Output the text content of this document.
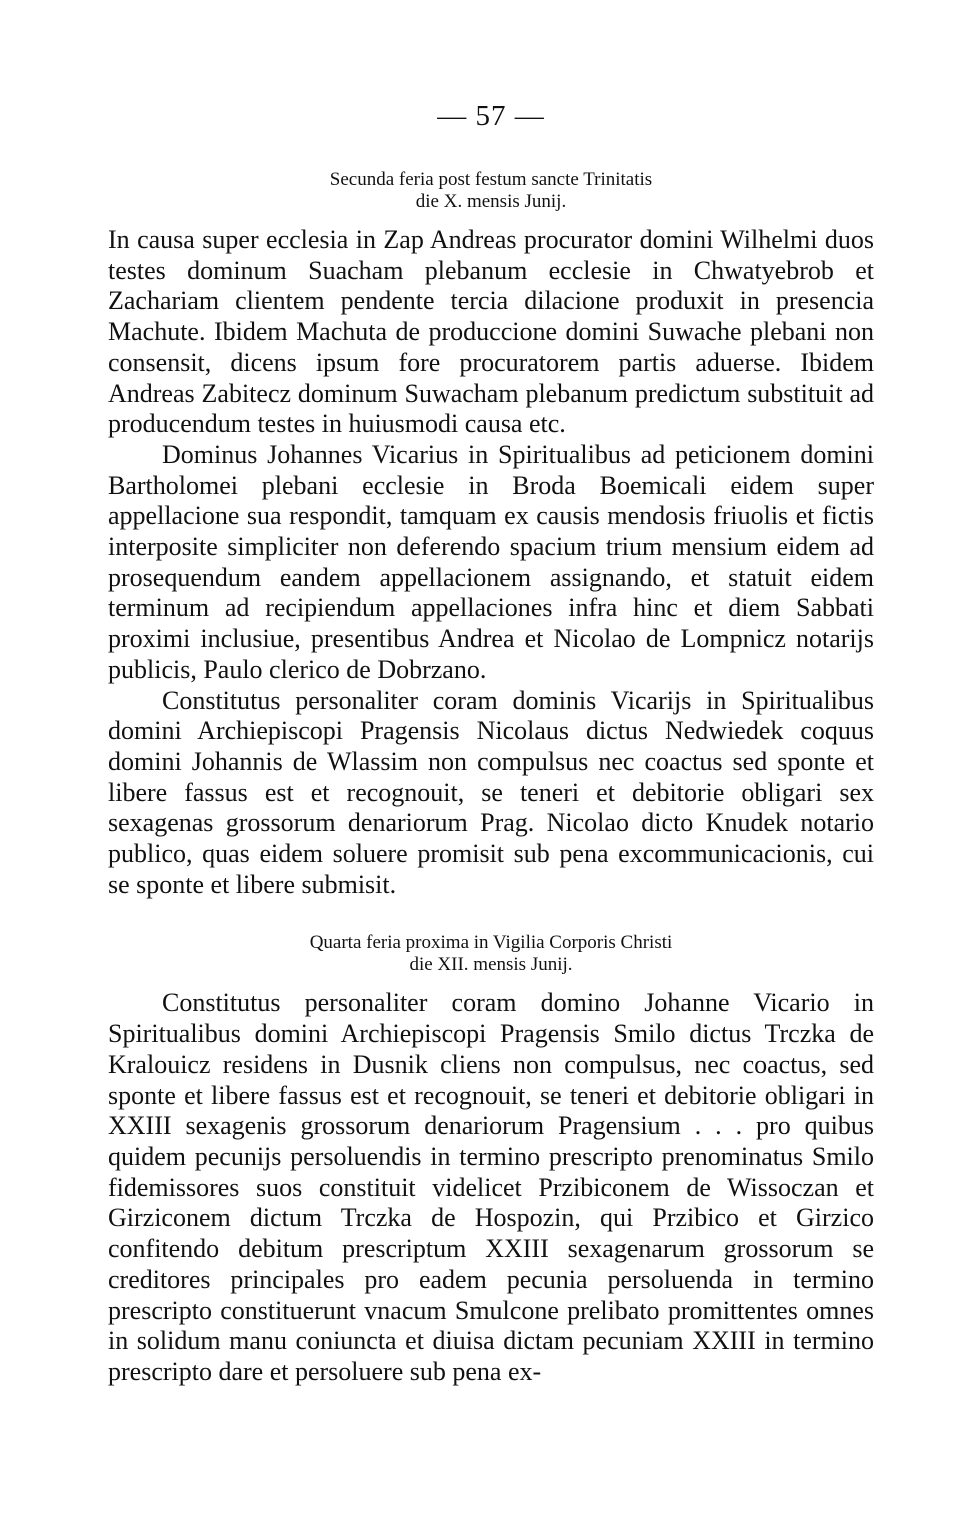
— 57 —
Secunda feria post festum sancte Trinitatis
die X. mensis Junij.

In causa super ecclesia in Zap Andreas procurator domini Wilhelmi duos testes dominum Suacham plebanum ecclesie in Chwatyebrob et Zachariam clientem pendente tercia dilacione produxit in presencia Machute. Ibidem Machuta de produccione domini Suwache plebani non consensit, dicens ipsum fore procuratorem partis aduerse. Ibidem Andreas Zabitecz dominum Suwacham plebanum predictum substituit ad producendum testes in huiusmodi causa etc.

Dominus Johannes Vicarius in Spiritualibus ad peticionem domini Bartholomei plebani ecclesie in Broda Boemicali eidem super appellacione sua respondit, tamquam ex causis mendosis friuolis et fictis interposite simpliciter non deferendo spacium trium mensium eidem ad prosequendum eandem appellacionem assignando, et statuit eidem terminum ad recipiendum appellaciones infra hinc et diem Sabbati proximi inclusiue, presentibus Andrea et Nicolao de Lompnicz notarijs publicis, Paulo clerico de Dobrzano.

Constitutus personaliter coram dominis Vicarijs in Spiritualibus domini Archiepiscopi Pragensis Nicolaus dictus Nedwiedek coquus domini Johannis de Wlassim non compulsus nec coactus sed sponte et libere fassus est et recognouit, se teneri et debitorie obligari sex sexagenas grossorum denariorum Prag. Nicolao dicto Knudek notario publico, quas eidem soluere promisit sub pena excommunicacionis, cui se sponte et libere submisit.

Quarta feria proxima in Vigilia Corporis Christi
die XII. mensis Junij.

Constitutus personaliter coram domino Johanne Vicario in Spiritualibus domini Archiepiscopi Pragensis Smilo dictus Trczka de Kralouicz residens in Dusnik cliens non compulsus, nec coactus, sed sponte et libere fassus est et recognouit, se teneri et debitorie obligari in XXIII sexagenis grossorum denariorum Pragensium . . . pro quibus quidem pecunijs persoluendis in termino prescripto prenominatus Smilo fidemissores suos constituit videlicet Przibiconem de Wissoczan et Girziconem dictum Trczka de Hospozin, qui Przibico et Girzico confitendo debitum prescriptum XXIII sexagenarum grossorum se creditores principales pro eadem pecunia persoluenda in termino prescripto constituerunt vnacum Smulcone prelibato promittentes omnes in solidum manu coniuncta et diuisa dictam pecuniam XXIII in termino prescripto dare et persoluere sub pena ex-
